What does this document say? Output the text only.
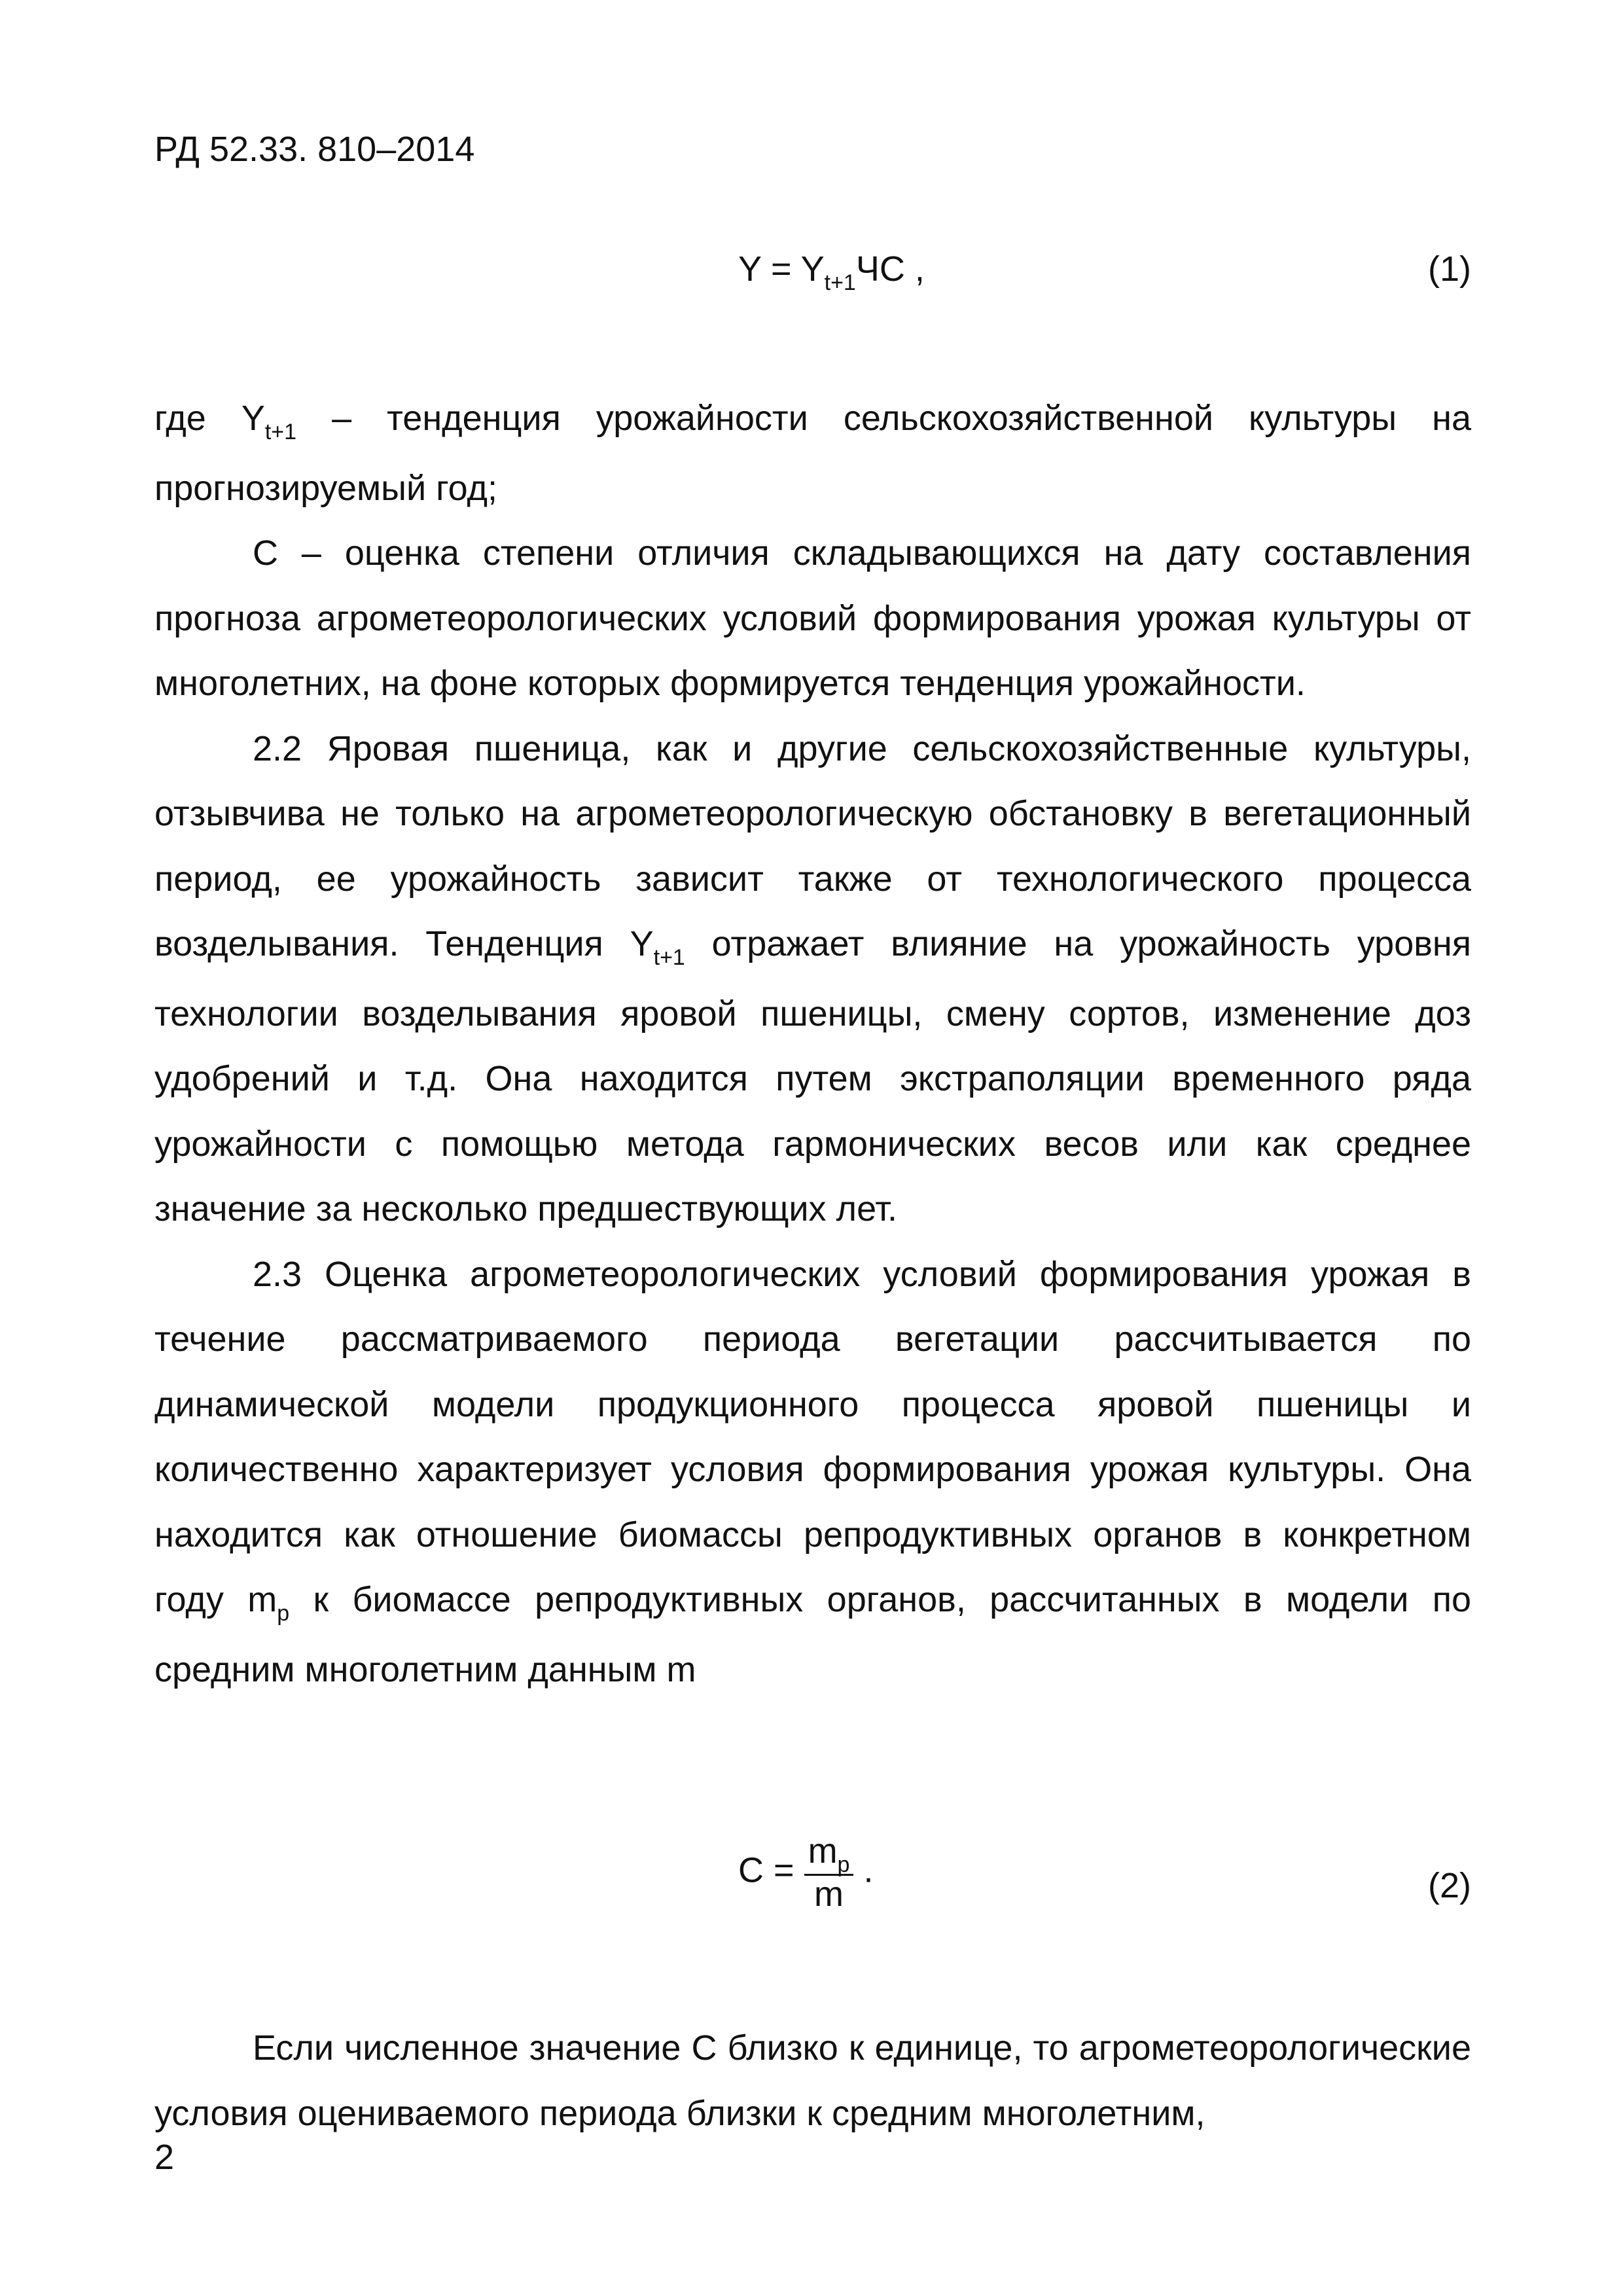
РД 52.33. 810–2014
$Y = Y_{t+1}ЧС$ ,	(1)

где $Y_{t+1}$ – тенденция урожайности сельскохозяйственной культуры на прогнозируемый год;

С – оценка степени отличия складывающихся на дату составления прогноза агрометеорологических условий формирования урожая культуры от многолетних, на фоне которых формируется тенденция урожайности.

2.2 Яровая пшеница, как и другие сельскохозяйственные культуры, отзывчива не только на агрометеорологическую обстановку в вегетационный период, ее урожайность зависит также от технологического процесса возделывания. Тенденция $Y_{t+1}$ отражает влияние на урожайность уровня технологии возделывания яровой пшеницы, смену сортов, изменение доз удобрений и т.д. Она находится путем экстраполяции временного ряда урожайности с помощью метода гармонических весов или как среднее значение за несколько предшествующих лет.

2.3 Оценка агрометеорологических условий формирования урожая в течение рассматриваемого периода вегетации рассчитывается по динамической модели продукционного процесса яровой пшеницы и количественно характеризует условия формирования урожая культуры. Она находится как отношение биомассы репродуктивных органов в конкретном году $m_р$ к биомассе репродуктивных органов, рассчитанных в модели по средним многолетним данным m

$С = \frac{m_р}{m}$ .	(2)

Если численное значение С близко к единице, то агрометеорологические условия оцениваемого периода близки к средним многолетним,

2
